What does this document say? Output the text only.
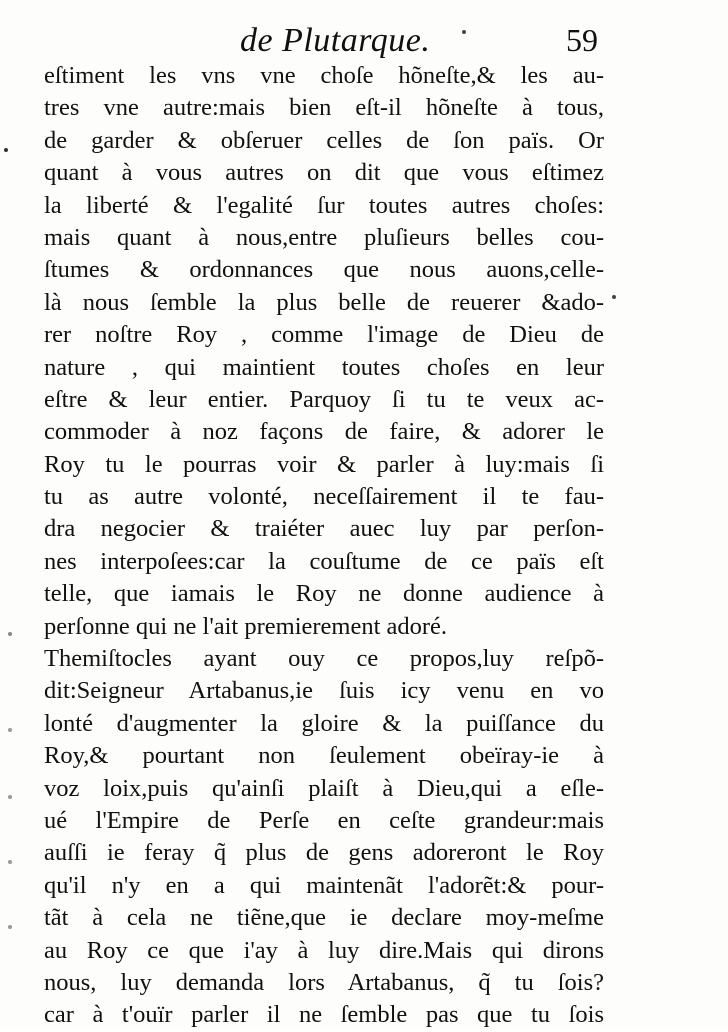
de Plutarque.	59
eſtiment les vns vne choſe hõneſte,& les au-
tres vne autre:mais bien eſt-il hõneſte à tous,
de garder & obſeruer celles de ſon païs. Or
quant à vous autres on dit que vous eſtimez
la liberté & l'egalité ſur toutes autres choſes:
mais quant à nous,entre pluſieurs belles cou-
ſtumes & ordonnances que nous auons,celle-
là nous ſemble la plus belle de reuerer &ado-
rer noſtre Roy , comme l'image de Dieu de
nature , qui maintient toutes choſes en leur
eſtre & leur entier. Parquoy ſi tu te veux ac-
commoder à noz façons de faire, & adorer le
Roy tu le pourras voir & parler à luy:mais ſi
tu as autre volonté, neceſſairement il te fau-
dra negocier & traiéter auec luy par perſon-
nes interpoſees:car la couſtume de ce païs eſt
telle, que iamais le Roy ne donne audience à
perſonne qui ne l'ait premierement adoré.
Themiſtocles ayant ouy ce propos,luy reſpõ-
dit:Seigneur Artabanus,ie ſuis icy venu en vo
lonté d'augmenter la gloire & la puiſſance du
Roy,& pourtant non ſeulement obeïray-ie à
voz loix,puis qu'ainſi plaiſt à Dieu,qui a eſle-
ué l'Empire de Perſe en ceſte grandeur:mais
auſſi ie feray q̃ plus de gens adoreront le Roy
qu'il n'y en a qui maintenãt l'adorẽt:& pour-
tãt à cela ne tiẽne,que ie declare moy-meſme
au Roy ce que i'ay à luy dire.Mais qui dirons
nous, luy demanda lors Artabanus, q̃ tu ſois?
car à t'ouïr parler il ne ſemble pas que tu ſois
